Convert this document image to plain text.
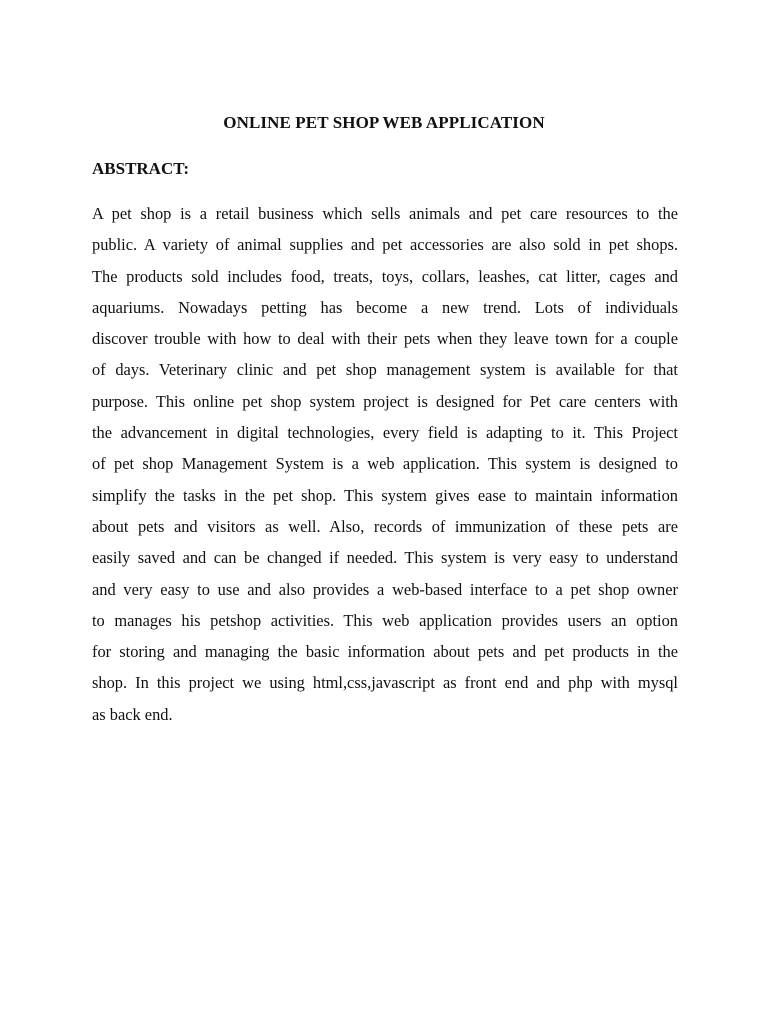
ONLINE PET SHOP WEB APPLICATION
ABSTRACT:
A pet shop is a retail business which sells animals and pet care resources to the
public. A variety of animal supplies and pet accessories are also sold in pet shops.
The products sold includes food, treats, toys, collars, leashes, cat litter, cages and
aquariums. Nowadays petting has become a new trend. Lots of individuals
discover trouble with how to deal with their pets when they leave town for a couple
of days. Veterinary clinic and pet shop management system is available for that
purpose. This online pet shop system project is designed for Pet care centers with
the advancement in digital technologies, every field is adapting to it. This Project
of pet shop Management System is a web application. This system is designed to
simplify the tasks in the pet shop. This system gives ease to maintain information
about pets and visitors as well. Also, records of immunization of these pets are
easily saved and can be changed if needed. This system is very easy to understand
and very easy to use and also provides a web-based interface to a pet shop owner
to manages his petshop activities. This web application provides users an option
for storing and managing the basic information about pets and pet products in the
shop. In this project we using html,css,javascript as front end and php with mysql
as back end.
